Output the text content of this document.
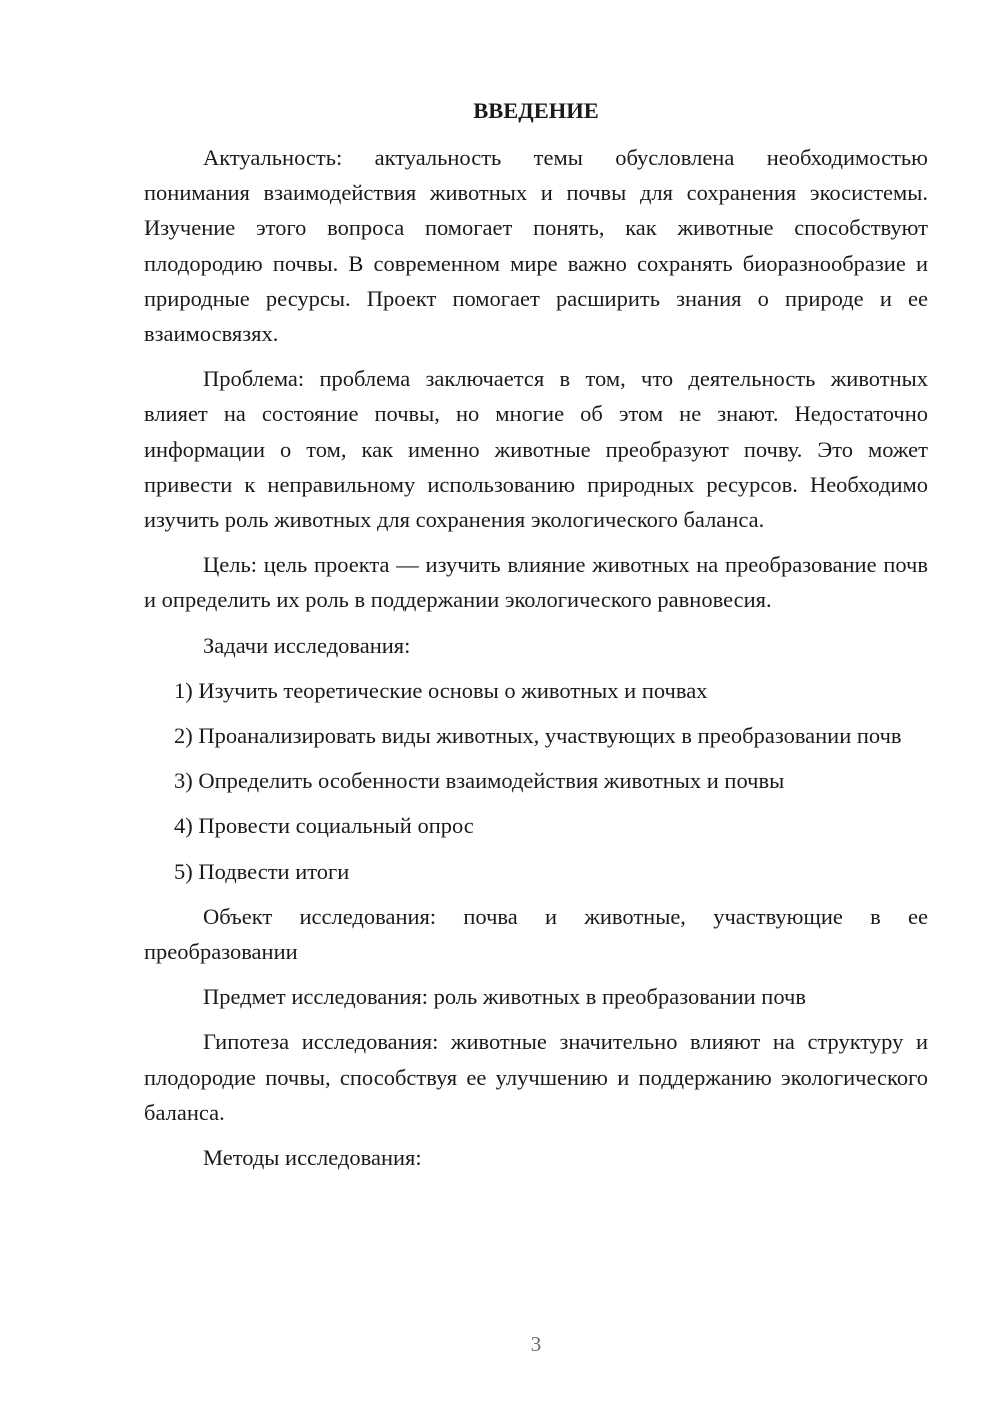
ВВЕДЕНИЕ

Актуальность: актуальность темы обусловлена необходимостью понимания взаимодействия животных и почвы для сохранения экосистемы. Изучение этого вопроса помогает понять, как животные способствуют плодородию почвы. В современном мире важно сохранять биоразнообразие и природные ресурсы. Проект помогает расширить знания о природе и ее взаимосвязях.

Проблема: проблема заключается в том, что деятельность животных влияет на состояние почвы, но многие об этом не знают. Недостаточно информации о том, как именно животные преобразуют почву. Это может привести к неправильному использованию природных ресурсов. Необходимо изучить роль животных для сохранения экологического баланса.

Цель: цель проекта — изучить влияние животных на преобразование почв и определить их роль в поддержании экологического равновесия.

Задачи исследования:

1) Изучить теоретические основы о животных и почвах

2) Проанализировать виды животных, участвующих в преобразовании почв

3) Определить особенности взаимодействия животных и почвы

4) Провести социальный опрос

5) Подвести итоги

Объект исследования: почва и животные, участвующие в ее преобразовании

Предмет исследования: роль животных в преобразовании почв

Гипотеза исследования: животные значительно влияют на структуру и плодородие почвы, способствуя ее улучшению и поддержанию экологического баланса.

Методы исследования:

3
